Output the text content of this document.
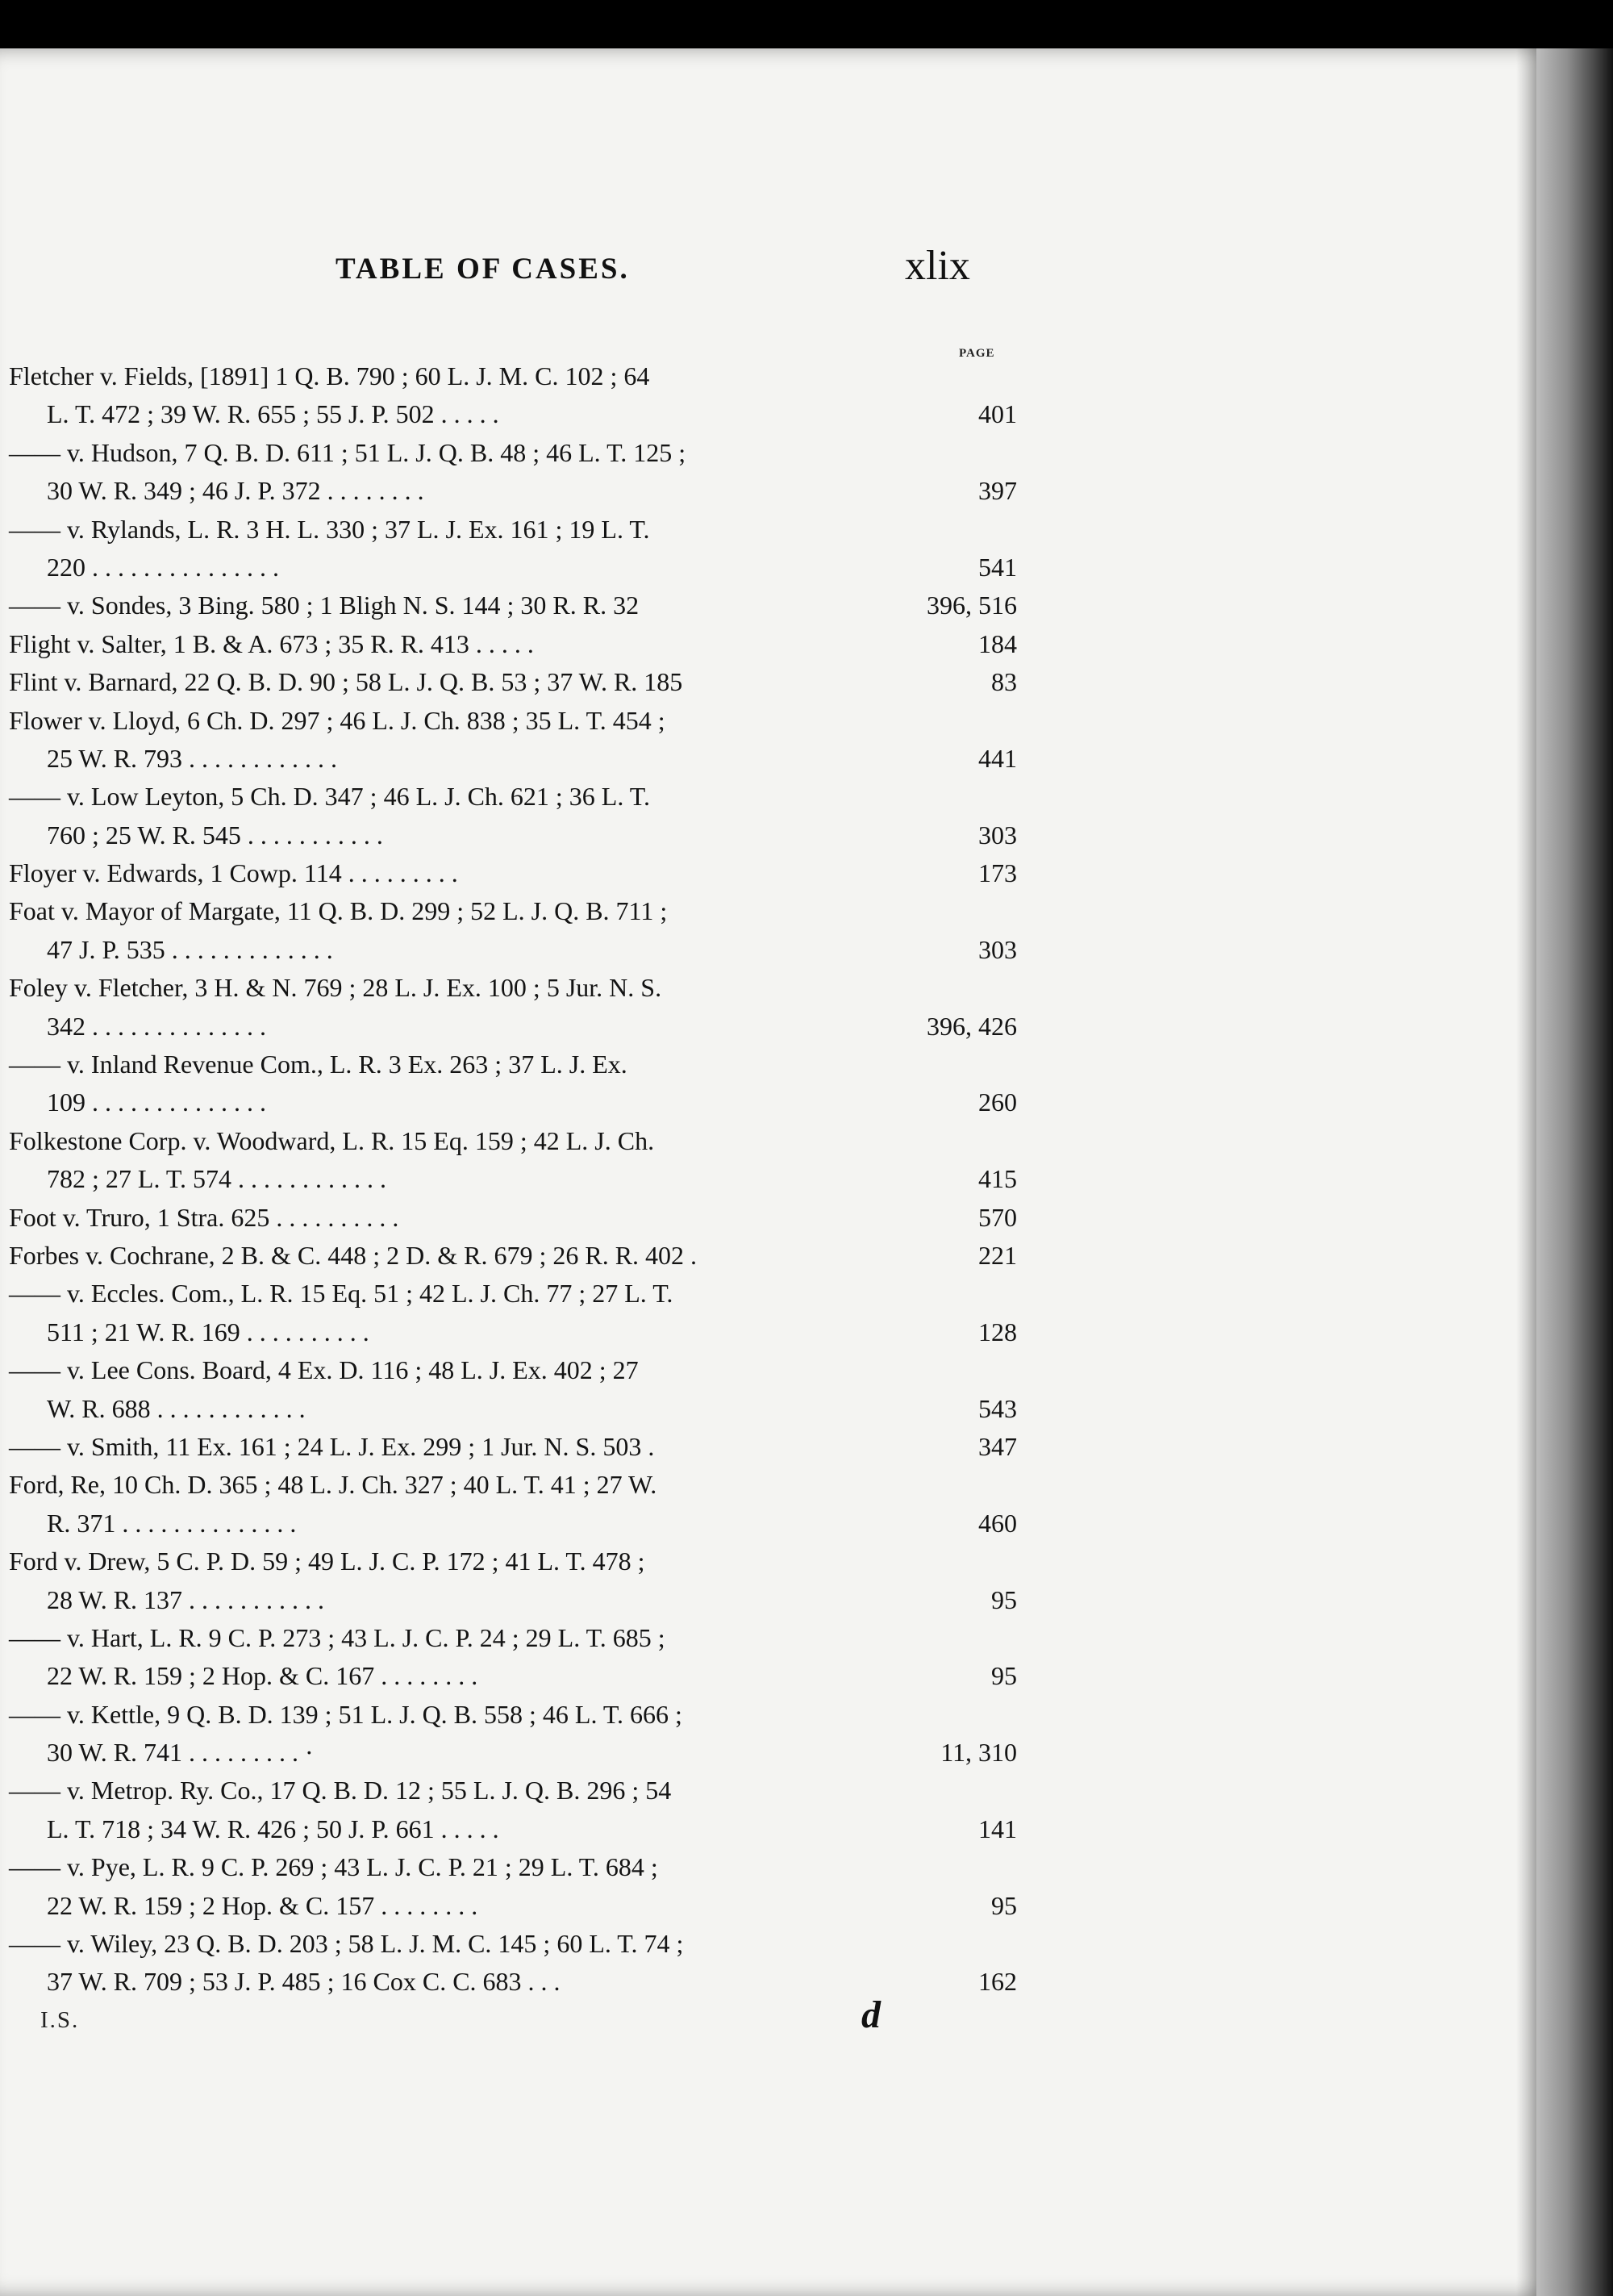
TABLE OF CASES.	xlix
PAGE
Fletcher v. Fields, [1891] 1 Q. B. 790 ; 60 L. J. M. C. 102 ; 64
L. T. 472 ; 39 W. R. 655 ; 55 J. P. 502 . . . . .	401
—— v. Hudson, 7 Q. B. D. 611 ; 51 L. J. Q. B. 48 ; 46 L. T. 125 ;
30 W. R. 349 ; 46 J. P. 372 . . . . . . . .	397
—— v. Rylands, L. R. 3 H. L. 330 ; 37 L. J. Ex. 161 ; 19 L. T.
220 . . . . . . . . . . . . . . .	541
—— v. Sondes, 3 Bing. 580 ; 1 Bligh N. S. 144 ; 30 R. R. 32	396, 516
Flight v. Salter, 1 B. & A. 673 ; 35 R. R. 413 . . . . .	184
Flint v. Barnard, 22 Q. B. D. 90 ; 58 L. J. Q. B. 53 ; 37 W. R. 185	83
Flower v. Lloyd, 6 Ch. D. 297 ; 46 L. J. Ch. 838 ; 35 L. T. 454 ;
25 W. R. 793 . . . . . . . . . . . .	441
—— v. Low Leyton, 5 Ch. D. 347 ; 46 L. J. Ch. 621 ; 36 L. T.
760 ; 25 W. R. 545 . . . . . . . . . . .	303
Floyer v. Edwards, 1 Cowp. 114 . . . . . . . . .	173
Foat v. Mayor of Margate, 11 Q. B. D. 299 ; 52 L. J. Q. B. 711 ;
47 J. P. 535 . . . . . . . . . . . . .	303
Foley v. Fletcher, 3 H. & N. 769 ; 28 L. J. Ex. 100 ; 5 Jur. N. S.
342 . . . . . . . . . . . . . .	396, 426
—— v. Inland Revenue Com., L. R. 3 Ex. 263 ; 37 L. J. Ex.
109 . . . . . . . . . . . . . .	260
Folkestone Corp. v. Woodward, L. R. 15 Eq. 159 ; 42 L. J. Ch.
782 ; 27 L. T. 574 . . . . . . . . . . . .	415
Foot v. Truro, 1 Stra. 625 . . . . . . . . . .	570
Forbes v. Cochrane, 2 B. & C. 448 ; 2 D. & R. 679 ; 26 R. R. 402 .	221
—— v. Eccles. Com., L. R. 15 Eq. 51 ; 42 L. J. Ch. 77 ; 27 L. T.
511 ; 21 W. R. 169 . . . . . . . . . .	128
—— v. Lee Cons. Board, 4 Ex. D. 116 ; 48 L. J. Ex. 402 ; 27
W. R. 688 . . . . . . . . . . . .	543
—— v. Smith, 11 Ex. 161 ; 24 L. J. Ex. 299 ; 1 Jur. N. S. 503 .	347
Ford, Re, 10 Ch. D. 365 ; 48 L. J. Ch. 327 ; 40 L. T. 41 ; 27 W.
R. 371 . . . . . . . . . . . . . .	460
Ford v. Drew, 5 C. P. D. 59 ; 49 L. J. C. P. 172 ; 41 L. T. 478 ;
28 W. R. 137 . . . . . . . . . . .	95
—— v. Hart, L. R. 9 C. P. 273 ; 43 L. J. C. P. 24 ; 29 L. T. 685 ;
22 W. R. 159 ; 2 Hop. & C. 167 . . . . . . . .	95
—— v. Kettle, 9 Q. B. D. 139 ; 51 L. J. Q. B. 558 ; 46 L. T. 666 ;
30 W. R. 741 . . . . . . . . . ·	11, 310
—— v. Metrop. Ry. Co., 17 Q. B. D. 12 ; 55 L. J. Q. B. 296 ; 54
L. T. 718 ; 34 W. R. 426 ; 50 J. P. 661 . . . . .	141
—— v. Pye, L. R. 9 C. P. 269 ; 43 L. J. C. P. 21 ; 29 L. T. 684 ;
22 W. R. 159 ; 2 Hop. & C. 157 . . . . . . . .	95
—— v. Wiley, 23 Q. B. D. 203 ; 58 L. J. M. C. 145 ; 60 L. T. 74 ;
37 W. R. 709 ; 53 J. P. 485 ; 16 Cox C. C. 683 . . .	162
I.S.	d
